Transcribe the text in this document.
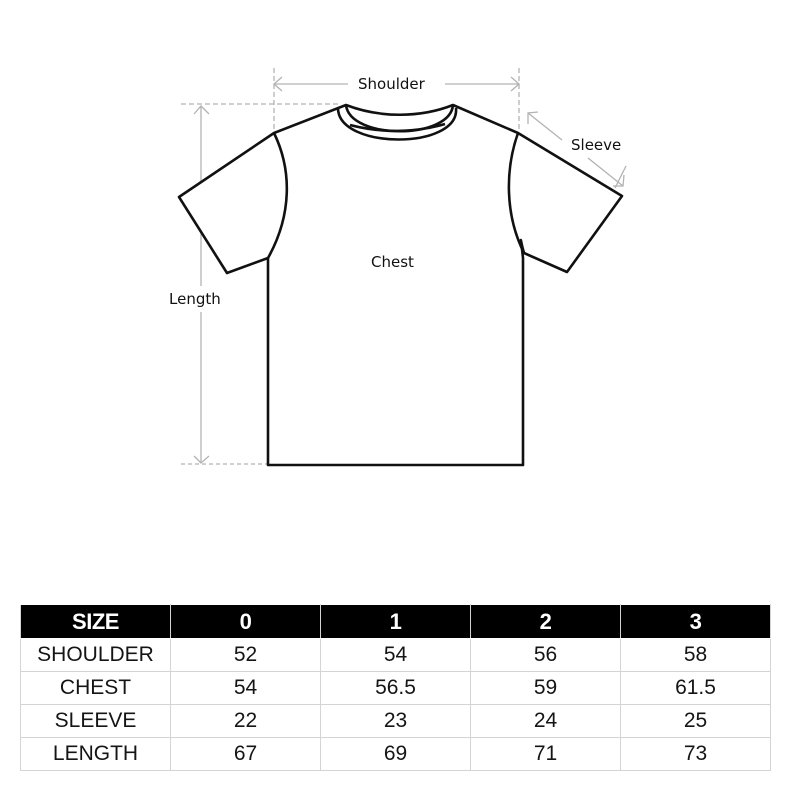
Shoulder
Sleeve
Chest
Length
SIZE	0	1	2	3
SHOULDER	52	54	56	58
CHEST	54	56.5	59	61.5
SLEEVE	22	23	24	25
LENGTH	67	69	71	73
